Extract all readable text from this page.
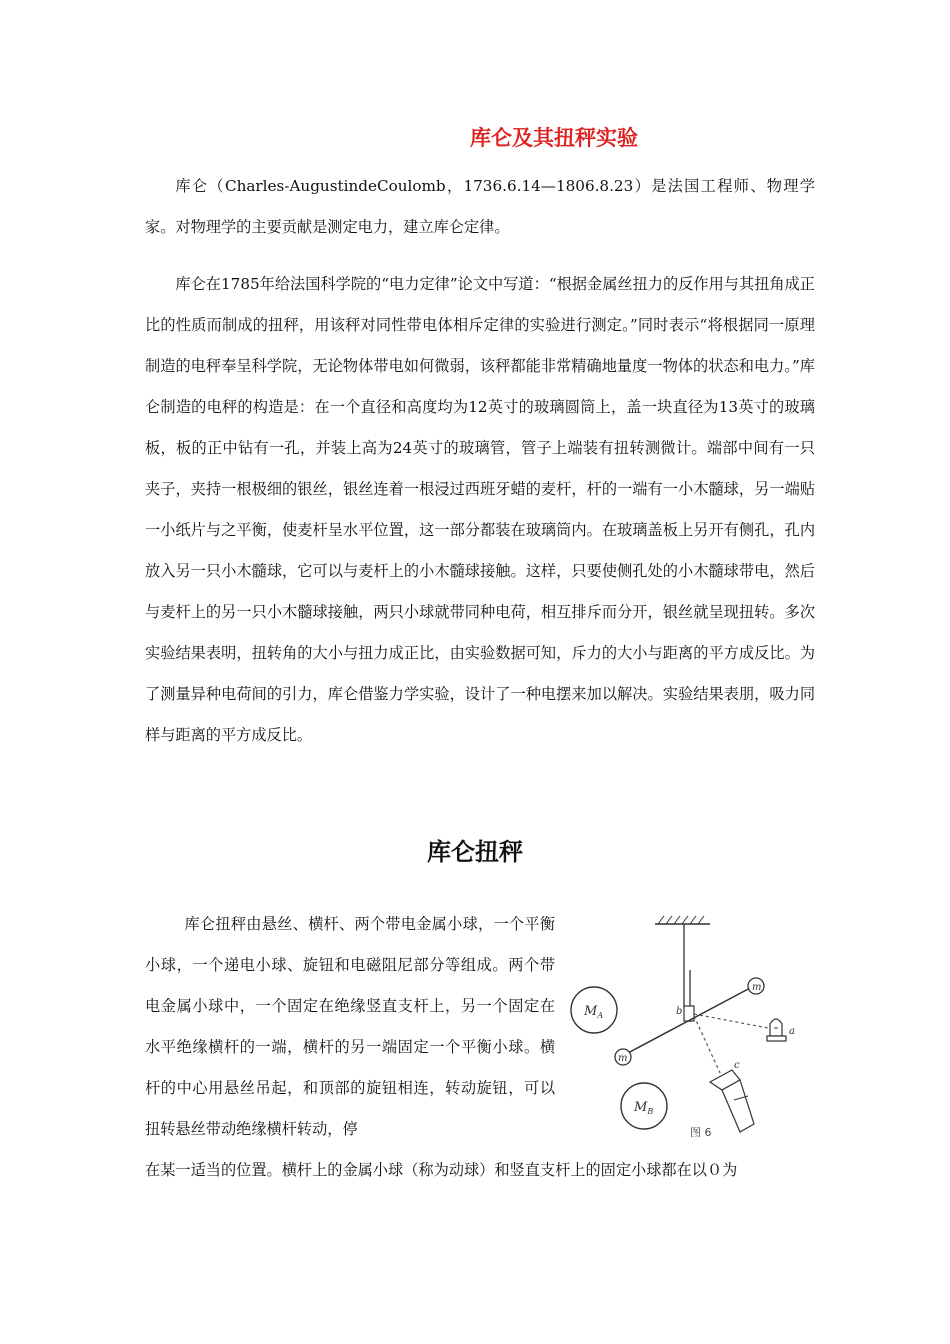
库仑及其扭秤实验

库仑（Charles-AugustindeCoulomb，1736.6.14—1806.8.23）是法国工程师、物理学家。对物理学的主要贡献是测定电力，建立库仑定律。

库仑在1785年给法国科学院的“电力定律”论文中写道：“根据金属丝扭力的反作用与其扭角成正比的性质而制成的扭秤，用该秤对同性带电体相斥定律的实验进行测定。”同时表示“将根据同一原理制造的电秤奉呈科学院，无论物体带电如何微弱，该秤都能非常精确地量度一物体的状态和电力。”库仑制造的电秤的构造是：在一个直径和高度均为12英寸的玻璃圆筒上，盖一块直径为13英寸的玻璃板，板的正中钻有一孔，并装上高为24英寸的玻璃管，管子上端装有扭转测微计。端部中间有一只夹子，夹持一根极细的银丝，银丝连着一根浸过西班牙蜡的麦杆，杆的一端有一小木髓球，另一端贴一小纸片与之平衡，使麦杆呈水平位置，这一部分都装在玻璃筒内。在玻璃盖板上另开有侧孔，孔内放入另一只小木髓球，它可以与麦杆上的小木髓球接触。这样，只要使侧孔处的小木髓球带电，然后与麦杆上的另一只小木髓球接触，两只小球就带同种电荷，相互排斥而分开，银丝就呈现扭转。多次实验结果表明，扭转角的大小与扭力成正比，由实验数据可知，斥力的大小与距离的平方成反比。为了测量异种电荷间的引力，库仑借鉴力学实验，设计了一种电摆来加以解决。实验结果表朋，吸力同样与距离的平方成反比。

库仑扭秤

库仑扭秤由悬丝、横杆、两个带电金属小球，一个平衡小球，一个递电小球、旋钮和电磁阻尼部分等组成。两个带电金属小球中，一个固定在绝缘竖直支杆上，另一个固定在水平绝缘横杆的一端，横杆的另一端固定一个平衡小球。横杆的中心用悬丝吊起，和顶部的旋钮相连，转动旋钮，可以扭转悬丝带动绝缘横杆转动，停

在某一适当的位置。横杆上的金属小球（称为动球）和竖直支杆上的固定小球都在以０为

m
m
$M_A$
$M_B$
b
a
c
图 6
